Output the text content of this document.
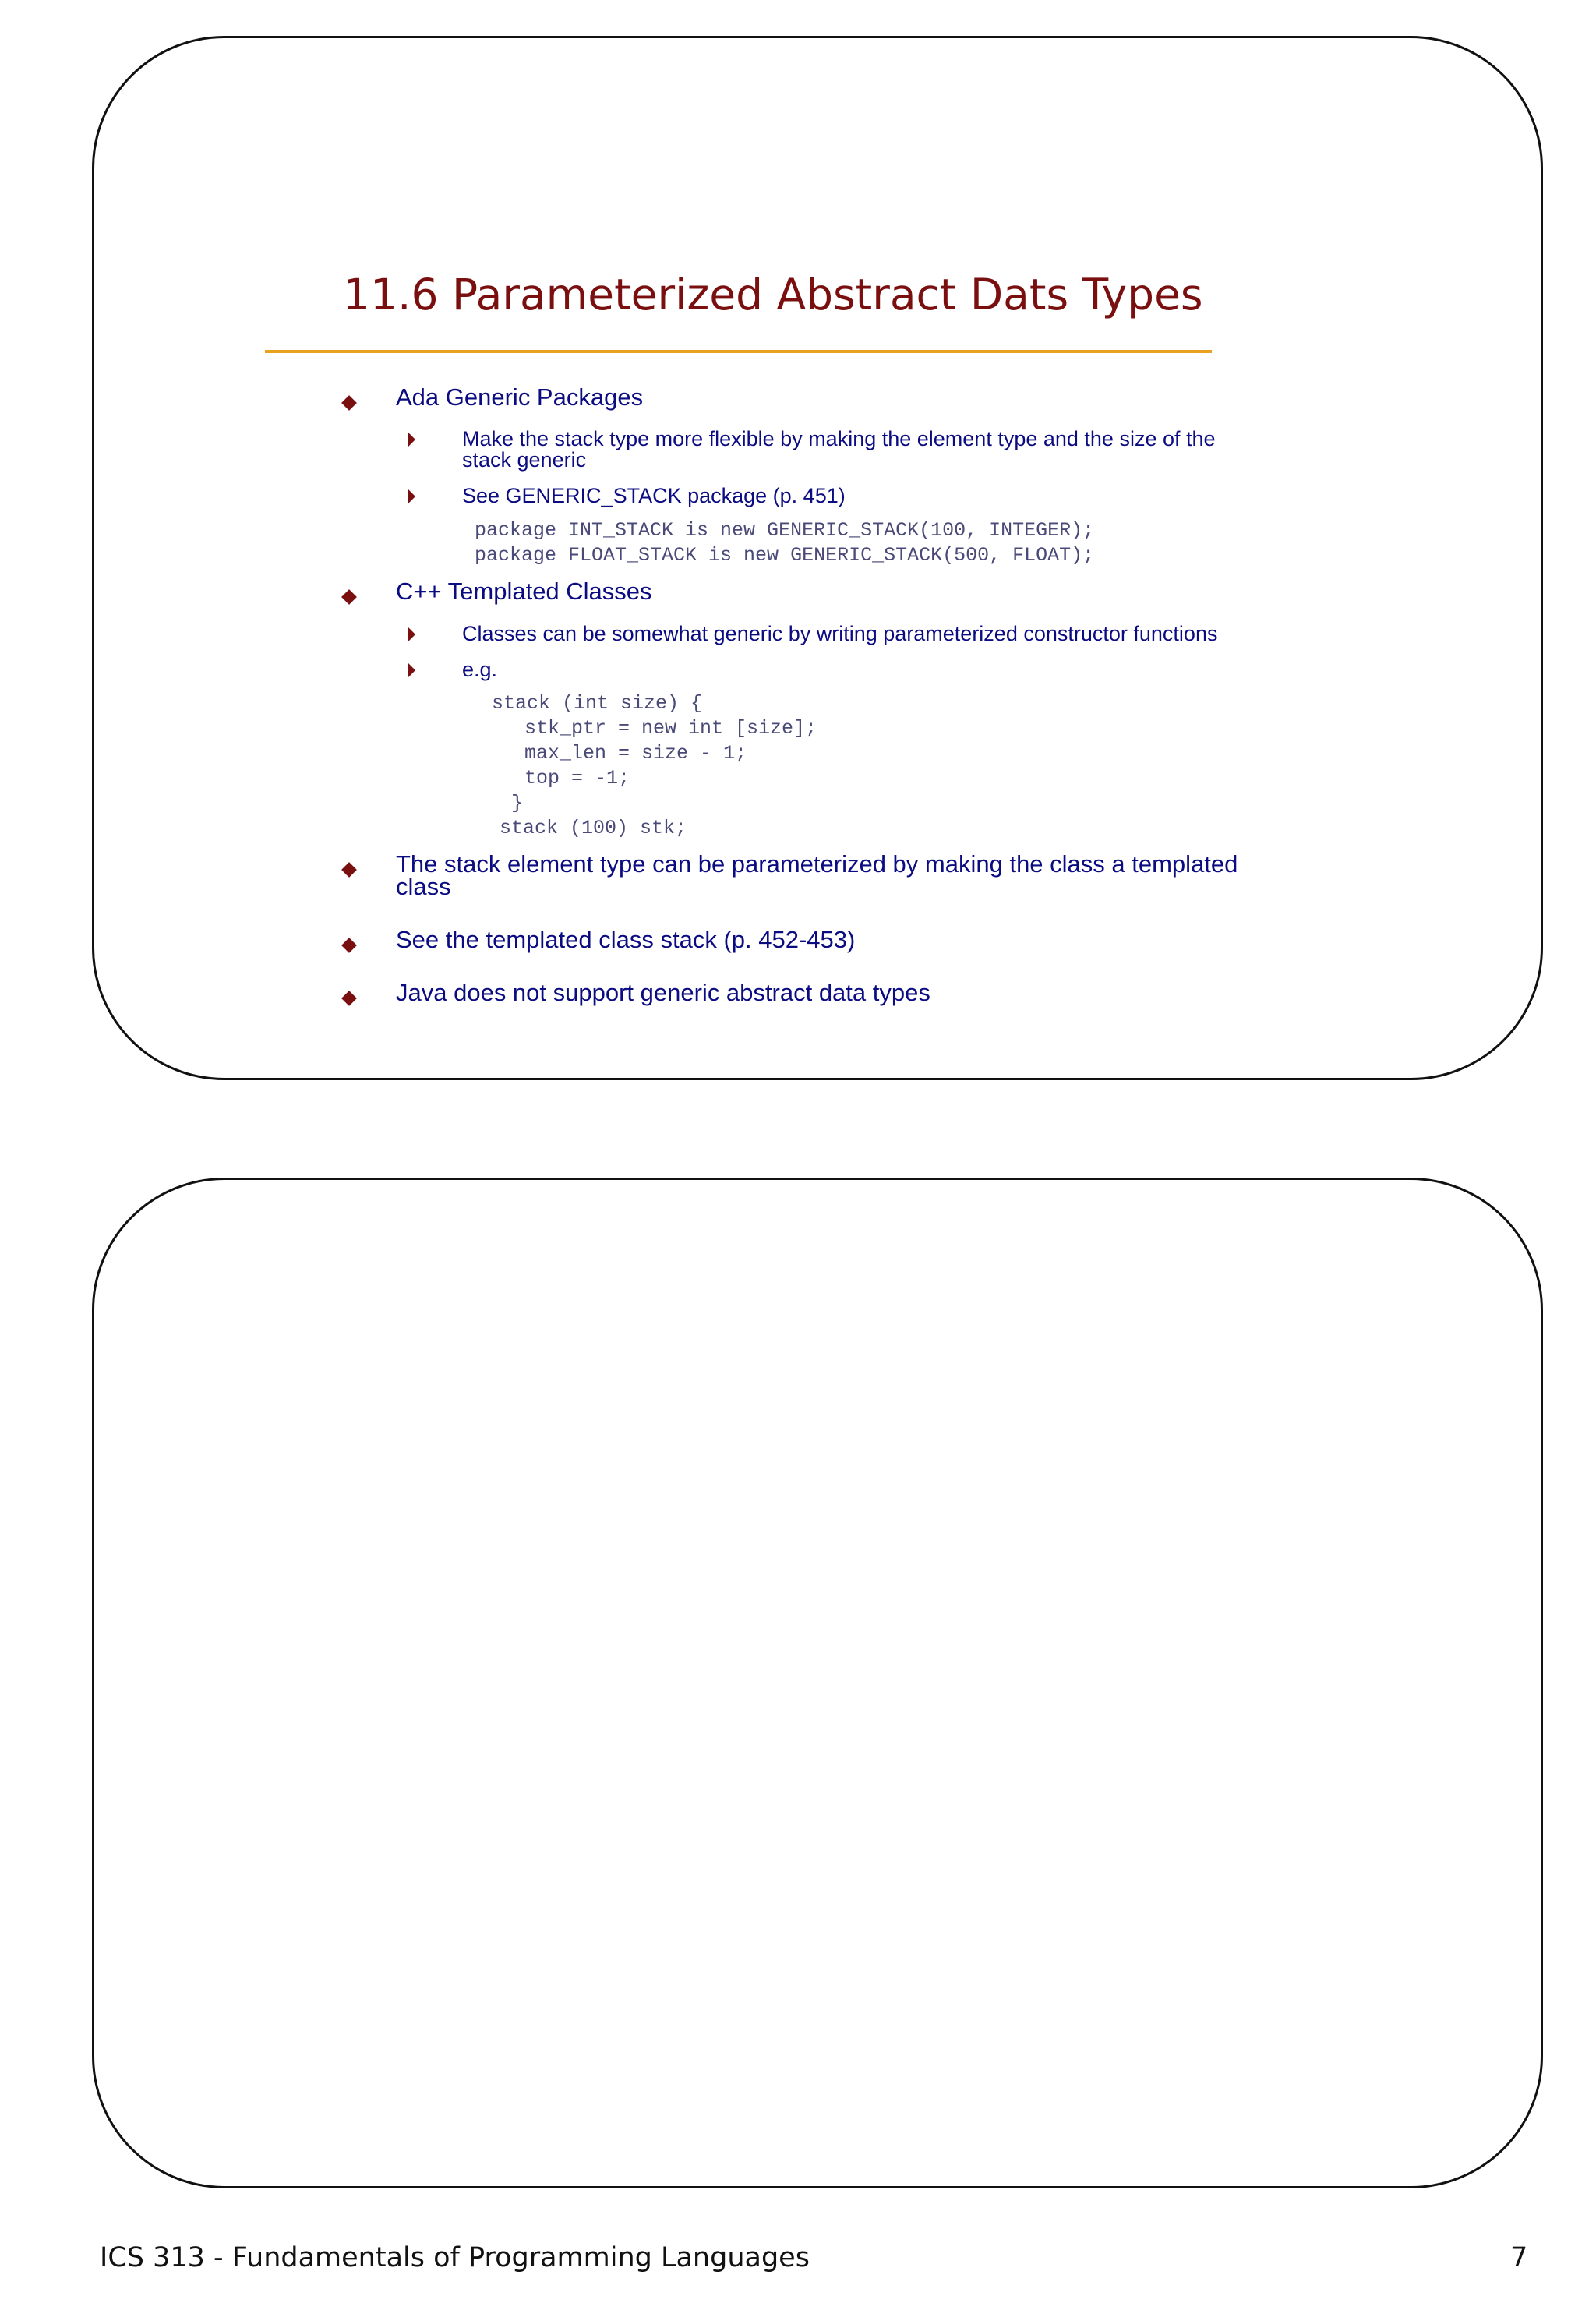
11.6 Parameterized Abstract Dats Types
Ada Generic Packages
Make the stack type more flexible by making the element type and the size of the
stack generic
See GENERIC_STACK package (p. 451)
package INT_STACK is new GENERIC_STACK(100, INTEGER);
package FLOAT_STACK is new GENERIC_STACK(500, FLOAT);
C++ Templated Classes
Classes can be somewhat generic by writing parameterized constructor functions
e.g.
stack (int size) {
stk_ptr = new int [size];
max_len = size - 1;
top = -1;
}
stack (100) stk;
The stack element type can be parameterized by making the class a templated
class
See the templated class stack (p. 452-453)
Java does not support generic abstract data types
ICS 313 - Fundamentals of Programming Languages	7
